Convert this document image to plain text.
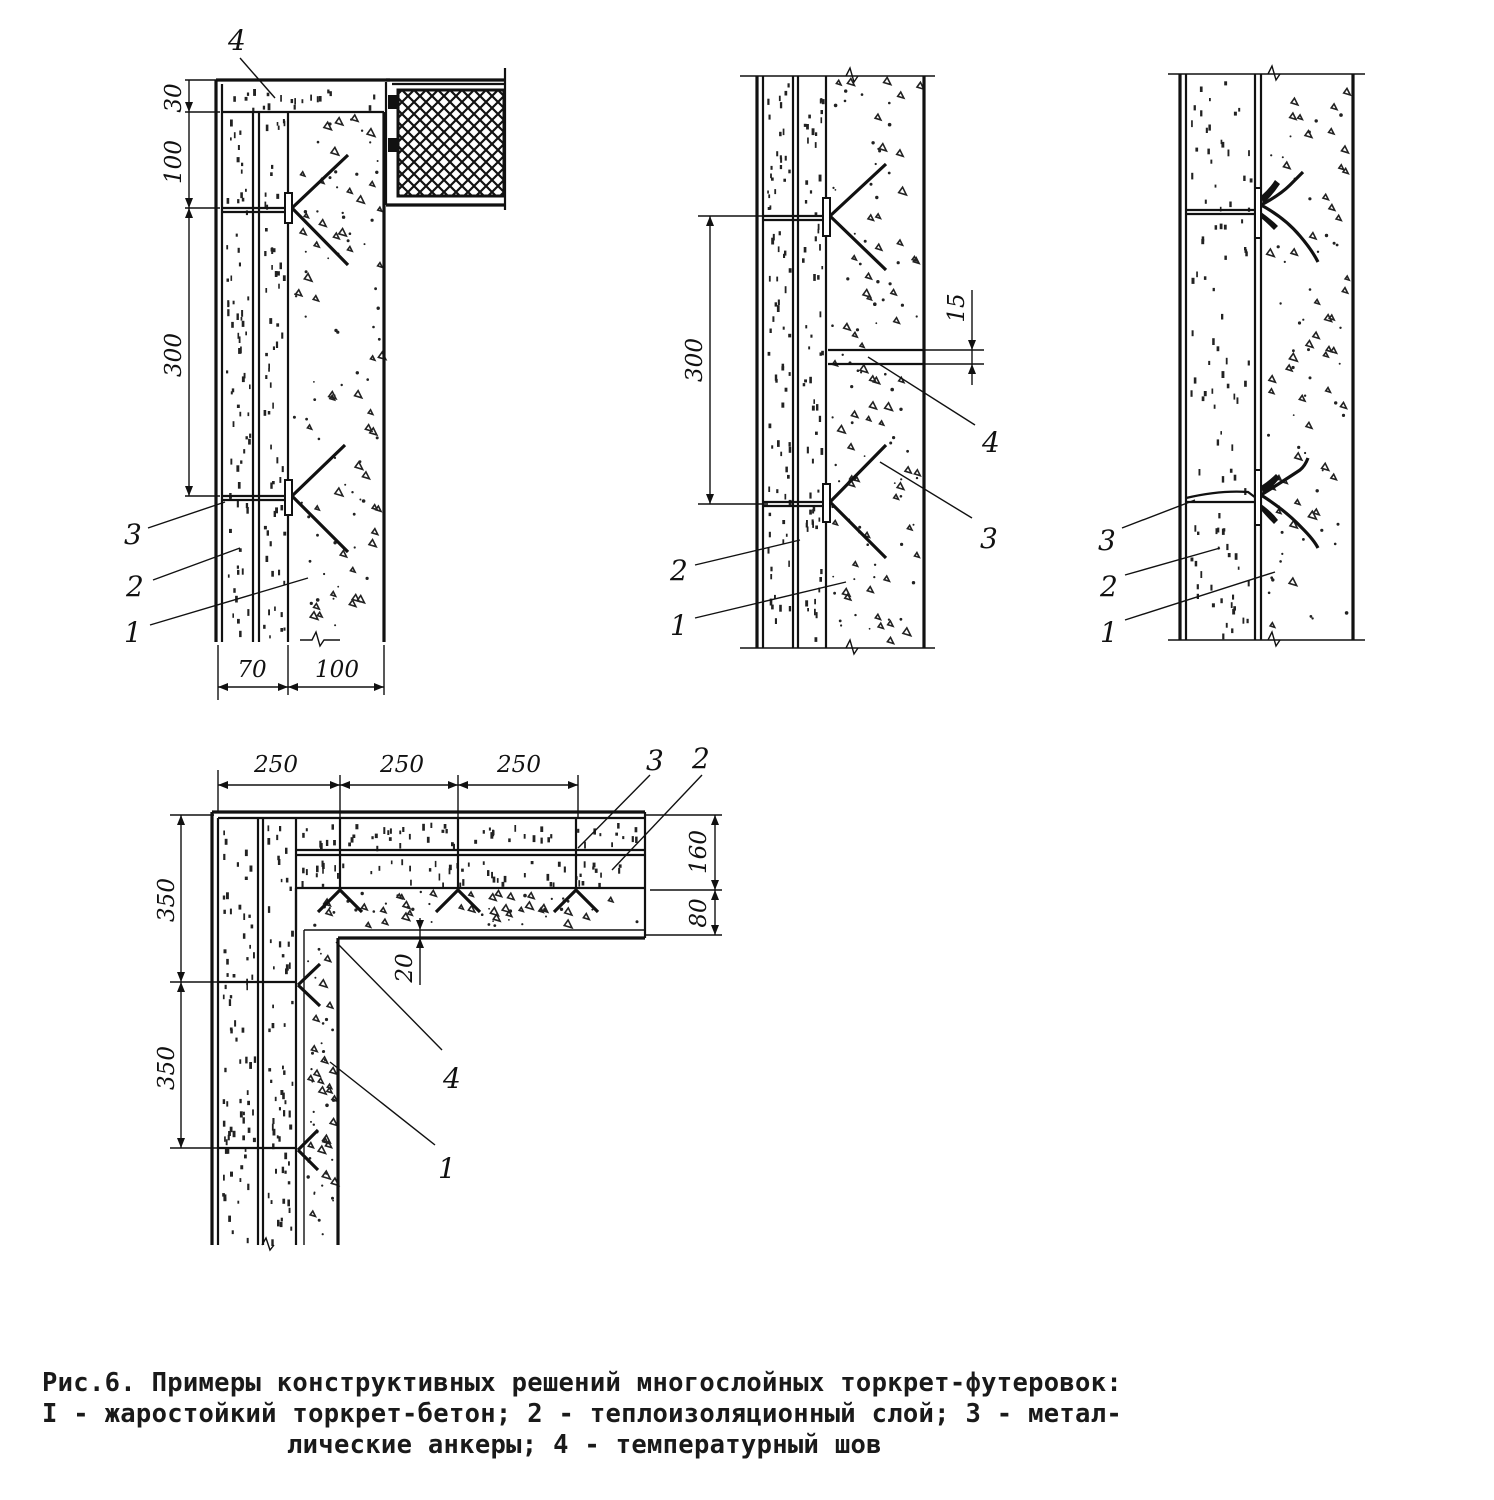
30
100
300
70 100
4
3
2
1
300
15
4
3
2
1
3
2
1
250	250	250
350
350
160
80
20
3 2
4
1
Рис.6. Примеры конструктивных решений многослойных торкрет-футеровок:
I - жаростойкий торкрет-бетон; 2 - теплоизоляционный слой; 3 - метал-
лические анкеры; 4 - температурный шов
